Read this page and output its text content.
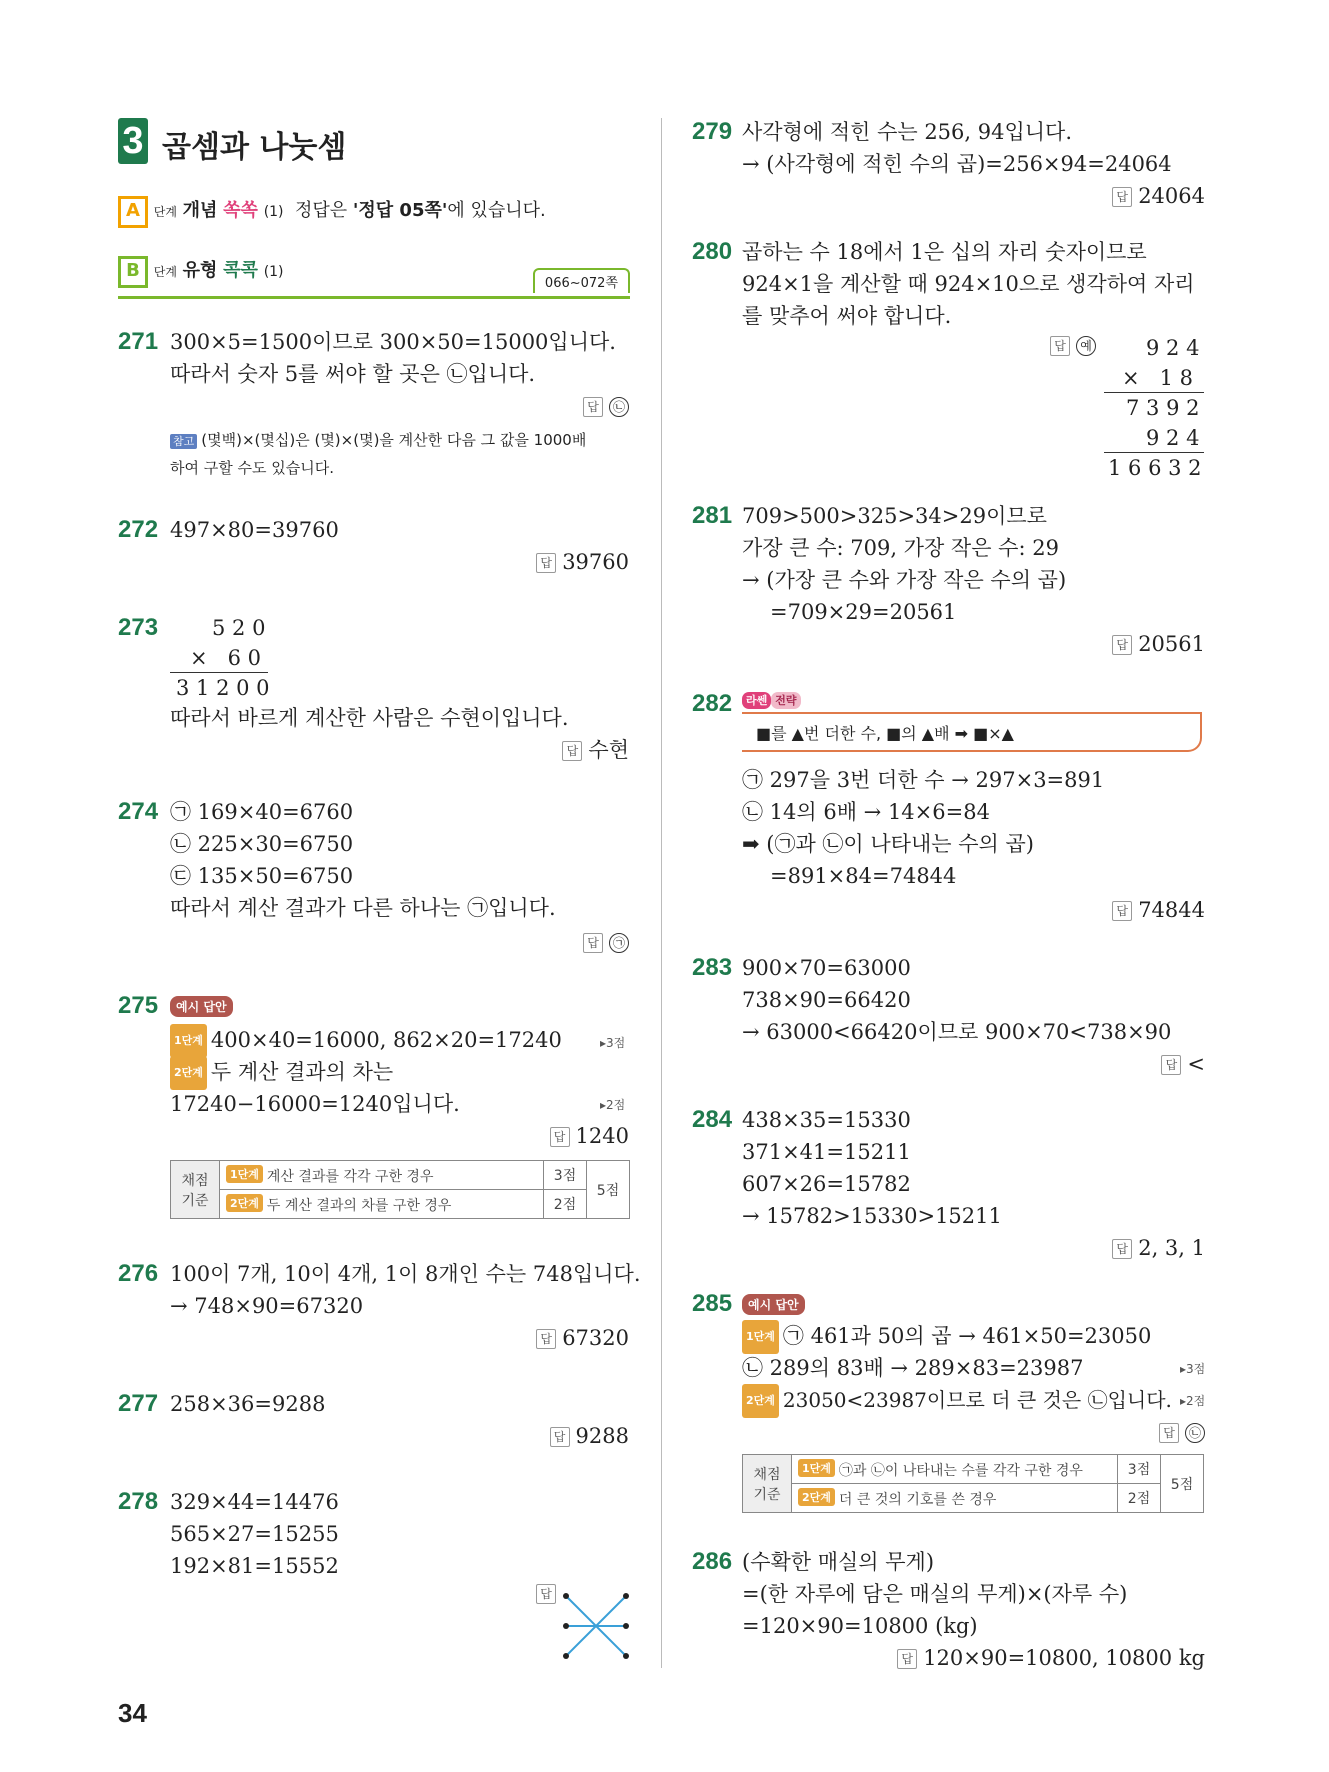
3 곱셈과 나눗셈
A 단계 개념 쏙쏙 (1) 정답은 '정답 05쪽'에 있습니다.
B 단계 유형 콕콕 (1)
066~072쪽
271 300×5=1500이므로 300×50=15000입니다.
따라서 숫자 5를 써야 할 곳은 ㉡입니다.
답 ㉡
참고 (몇백)×(몇십)은 (몇)×(몇)을 계산한 다음 그 값을 1000배
하여 구할 수도 있습니다.
272 497×80=39760
답 39760
273	5 2 0
×   6 0
3 1 2 0 0
따라서 바르게 계산한 사람은 수현이입니다.
답 수현
274 ㉠ 169×40=6760
㉡ 225×30=6750
㉢ 135×50=6750
따라서 계산 결과가 다른 하나는 ㉠입니다.
답 ㉠
275	예시 답안
1단계 400×40=16000, 862×20=17240	▸3점
2단계 두 계산 결과의 차는
17240−16000=1240입니다.	▸2점
답 1240
채점
기준	1단계 계산 결과를 각각 구한 경우	3점	5점
	2단계 두 계산 결과의 차를 구한 경우	2점	
276 100이 7개, 10이 4개, 1이 8개인 수는 748입니다.
→ 748×90=67320
답 67320
277 258×36=9288
답 9288
278 329×44=14476
565×27=15255
192×81=15552
답
34
279 사각형에 적힌 수는 256, 94입니다.
→ (사각형에 적힌 수의 곱)=256×94=24064
답 24064
280 곱하는 수 18에서 1은 십의 자리 숫자이므로
924×1을 계산할 때 924×10으로 생각하여 자리
를 맞추어 써야 합니다.
답 예	9 2 4
×   1 8
7 3 9 2
9 2 4
1 6 6 3 2
281 709>500>325>34>29이므로
가장 큰 수: 709, 가장 작은 수: 29
→ (가장 큰 수와 가장 작은 수의 곱)
=709×29=20561
답 20561
282	라쎈 전략
■를 ▲번 더한 수, ■의 ▲배 ➡ ■×▲
㉠ 297을 3번 더한 수 → 297×3=891
㉡ 14의 6배 → 14×6=84
➡ (㉠과 ㉡이 나타내는 수의 곱)
=891×84=74844
답 74844
283 900×70=63000
738×90=66420
→ 63000<66420이므로 900×70<738×90
답 <
284 438×35=15330
371×41=15211
607×26=15782
→ 15782>15330>15211
답 2, 3, 1
285	예시 답안
1단계 ㉠ 461과 50의 곱 → 461×50=23050
㉡ 289의 83배 → 289×83=23987	▸3점
2단계 23050<23987이므로 더 큰 것은 ㉡입니다. ▸2점
답 ㉡
채점
기준	1단계 ㉠과 ㉡이 나타내는 수를 각각 구한 경우	3점	5점
	2단계 더 큰 것의 기호를 쓴 경우	2점	
286 (수확한 매실의 무게)
=(한 자루에 담은 매실의 무게)×(자루 수)
=120×90=10800 (kg)
답 120×90=10800, 10800 kg
